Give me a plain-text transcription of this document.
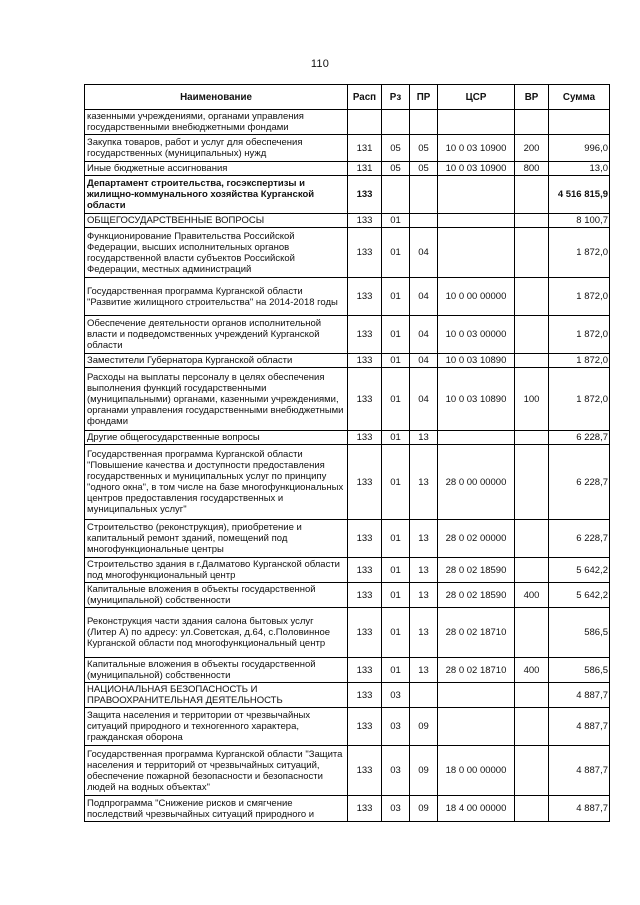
110
Наименование	Расп	Рз	ПР	ЦСР	ВР	Сумма
казенными учреждениями, органами управления государственными внебюджетными фондами						
Закупка товаров, работ и услуг для обеспечения государственных (муниципальных) нужд	131	05	05	10 0 03 10900	200	996,0
Иные бюджетные ассигнования	131	05	05	10 0 03 10900	800	13,0
Департамент строительства, госэкспертизы и жилищно-коммунального хозяйства Курганской области	133					4 516 815,9
ОБЩЕГОСУДАРСТВЕННЫЕ ВОПРОСЫ	133	01				8 100,7
Функционирование Правительства Российской Федерации, высших исполнительных органов государственной власти субъектов Российской Федерации, местных администраций	133	01	04			1 872,0
Государственная программа Курганской области "Развитие жилищного строительства" на 2014-2018 годы	133	01	04	10 0 00 00000		1 872,0
Обеспечение деятельности органов исполнительной власти и подведомственных учреждений Курганской области	133	01	04	10 0 03 00000		1 872,0
Заместители Губернатора Курганской области	133	01	04	10 0 03 10890		1 872,0
Расходы на выплаты персоналу в целях обеспечения выполнения функций государственными (муниципальными) органами, казенными учреждениями, органами управления государственными внебюджетными фондами	133	01	04	10 0 03 10890	100	1 872,0
Другие общегосударственные вопросы	133	01	13			6 228,7
Государственная программа Курганской области "Повышение качества и доступности предоставления государственных и муниципальных услуг по принципу "одного окна", в том числе на базе многофункциональных центров предоставления государственных и муниципальных услуг"	133	01	13	28 0 00 00000		6 228,7
Строительство (реконструкция), приобретение и капитальный ремонт зданий, помещений под многофункциональные центры	133	01	13	28 0 02 00000		6 228,7
Строительство здания в г.Далматово Курганской области под многофункциональный центр	133	01	13	28 0 02 18590		5 642,2
Капитальные вложения в объекты государственной (муниципальной) собственности	133	01	13	28 0 02 18590	400	5 642,2
Реконструкция части здания салона бытовых услуг (Литер А) по адресу: ул.Советская, д.64, с.Половинное Курганской области под многофункциональный центр	133	01	13	28 0 02 18710		586,5
Капитальные вложения в объекты государственной (муниципальной) собственности	133	01	13	28 0 02 18710	400	586,5
НАЦИОНАЛЬНАЯ БЕЗОПАСНОСТЬ И ПРАВООХРАНИТЕЛЬНАЯ ДЕЯТЕЛЬНОСТЬ	133	03				4 887,7
Защита населения и территории от чрезвычайных ситуаций природного и техногенного характера, гражданская оборона	133	03	09			4 887,7
Государственная программа Курганской области "Защита населения и территорий от чрезвычайных ситуаций, обеспечение пожарной безопасности и безопасности людей на водных объектах"	133	03	09	18 0 00 00000		4 887,7
Подпрограмма "Снижение рисков и смягчение последствий чрезвычайных ситуаций природного и	133	03	09	18 4 00 00000		4 887,7
